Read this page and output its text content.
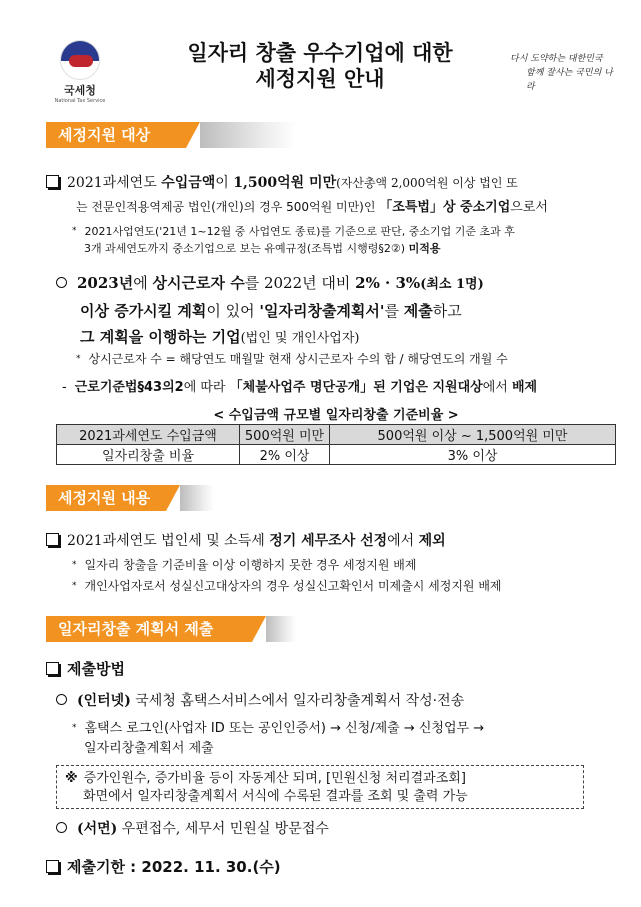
국세청
National Tax Service
일자리 창출 우수기업에 대한
세정지원 안내
다시 도약하는 대한민국
함께 잘사는 국민의 나라
세정지원 대상
2021과세연도 수입금액이 1,500억원 미만(자산총액 2,000억원 이상 법인 또
는 전문인적용역제공 법인(개인)의 경우 500억원 미만)인 「조특법」상 중소기업으로서
* 2021사업연도('21년 1~12월 중 사업연도 종료)를 기준으로 판단, 중소기업 기준 초과 후
3개 과세연도까지 중소기업으로 보는 유예규정(조특법 시행령§2②) 미적용
2023년에 상시근로자 수를 2022년 대비 2% · 3%(최소 1명)
이상 증가시킬 계획이 있어 '일자리창출계획서'를 제출하고
그 계획을 이행하는 기업(법인 및 개인사업자)
* 상시근로자 수 = 해당연도 매월말 현재 상시근로자 수의 합 / 해당연도의 개월 수
- 근로기준법§43의2에 따라 「체불사업주 명단공개」된 기업은 지원대상에서 배제
< 수입금액 규모별 일자리창출 기준비율 >
2021과세연도 수입금액	500억원 미만	500억원 이상 ~ 1,500억원 미만
일자리창출 비율	2% 이상	3% 이상
세정지원 내용
2021과세연도 법인세 및 소득세 정기 세무조사 선정에서 제외
* 일자리 창출을 기준비율 이상 이행하지 못한 경우 세정지원 배제
* 개인사업자로서 성실신고대상자의 경우 성실신고확인서 미제출시 세정지원 배제
일자리창출 계획서 제출
제출방법
(인터넷) 국세청 홈택스서비스에서 일자리창출계획서 작성·전송
* 홈택스 로그인(사업자 ID 또는 공인인증서) → 신청/제출 → 신청업무 →
일자리창출계획서 제출
※ 증가인원수, 증가비율 등이 자동계산 되며, [민원신청 처리결과조회]
화면에서 일자리창출계획서 서식에 수록된 결과를 조회 및 출력 가능
(서면) 우편접수, 세무서 민원실 방문접수
제출기한 : 2022. 11. 30.(수)
